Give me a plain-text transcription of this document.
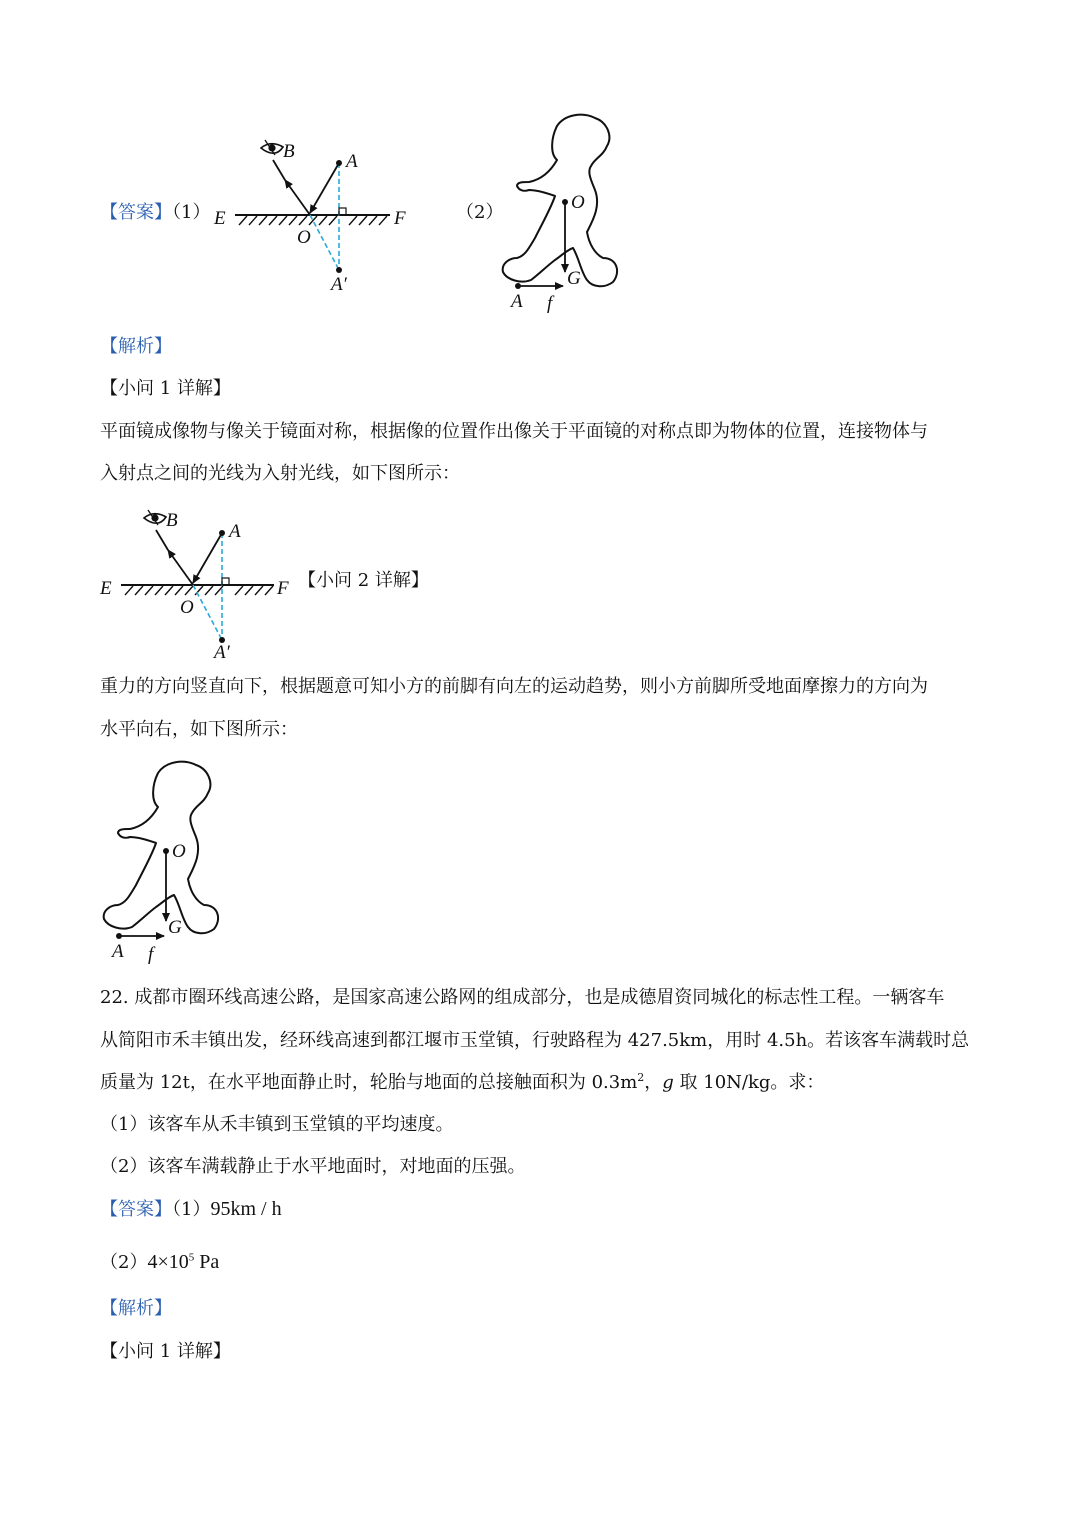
【答案】（1）
B	A
E	F
O
A′
（2）	O
G
A f
【解析】
【小问 1 详解】
平面镜成像物与像关于镜面对称，根据像的位置作出像关于平面镜的对称点即为物体的位置，连接物体与
入射点之间的光线为入射光线，如下图所示：
B
A
E	F
O
A′
【小问 2 详解】
重力的方向竖直向下，根据题意可知小方的前脚有向左的运动趋势，则小方前脚所受地面摩擦力的方向为
水平向右，如下图所示：
O
G
A f
22. 成都市圈环线高速公路，是国家高速公路网的组成部分，也是成德眉资同城化的标志性工程。一辆客车
从简阳市禾丰镇出发，经环线高速到都江堰市玉堂镇，行驶路程为 427.5km，用时 4.5h。若该客车满载时总
质量为 12t，在水平地面静止时，轮胎与地面的总接触面积为 $0.3m^2$，g 取 10N/kg。求：
（1）该客车从禾丰镇到玉堂镇的平均速度。
（2）该客车满载静止于水平地面时，对地面的压强。
【答案】（1）95km / h
$(2)4\times 10^5$ Pa
【解析】
【小问 1 详解】
